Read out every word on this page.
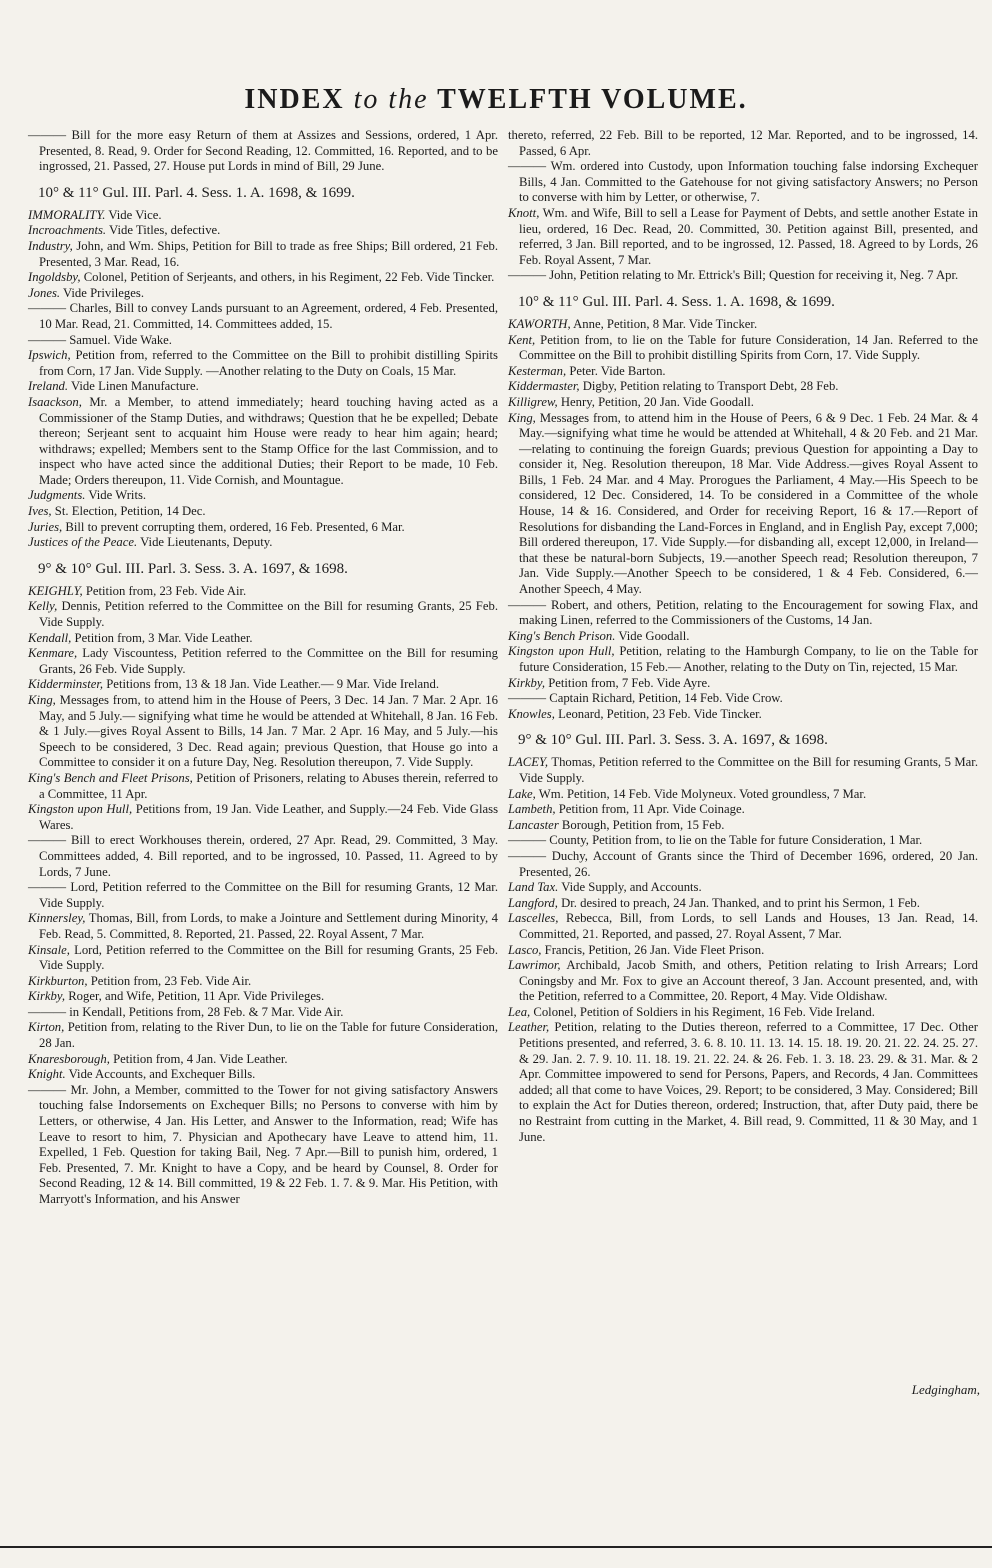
INDEX to the TWELFTH VOLUME.

——— Bill for the more easy Return of them at Assizes and Sessions, ordered, 1 Apr. Presented, 8. Read, 9. Order for Second Reading, 12. Committed, 16. Reported, and to be ingrossed, 21. Passed, 27. House put Lords in mind of Bill, 29 June.

10° & 11° Gul. III. Parl. 4. Sess. 1. A. 1698, & 1699.

IMMORALITY. Vide Vice.

Incroachments. Vide Titles, defective.

Industry, John, and Wm. Ships, Petition for Bill to trade as free Ships; Bill ordered, 21 Feb. Presented, 3 Mar. Read, 16.

Ingoldsby, Colonel, Petition of Serjeants, and others, in his Regiment, 22 Feb. Vide Tincker.

Jones. Vide Privileges.

——— Charles, Bill to convey Lands pursuant to an Agreement, ordered, 4 Feb. Presented, 10 Mar. Read, 21. Committed, 14. Committees added, 15.

——— Samuel. Vide Wake.

Ipswich, Petition from, referred to the Committee on the Bill to prohibit distilling Spirits from Corn, 17 Jan. Vide Supply. —Another relating to the Duty on Coals, 15 Mar.

Ireland. Vide Linen Manufacture.

Isaackson, Mr. a Member, to attend immediately; heard touching having acted as a Commissioner of the Stamp Duties, and withdraws; Question that he be expelled; Debate thereon; Serjeant sent to acquaint him House were ready to hear him again; heard; withdraws; expelled; Members sent to the Stamp Office for the last Commission, and to inspect who have acted since the additional Duties; their Report to be made, 10 Feb. Made; Orders thereupon, 11. Vide Cornish, and Mountague.

Judgments. Vide Writs.

Ives, St. Election, Petition, 14 Dec.

Juries, Bill to prevent corrupting them, ordered, 16 Feb. Presented, 6 Mar.

Justices of the Peace. Vide Lieutenants, Deputy.

9° & 10° Gul. III. Parl. 3. Sess. 3. A. 1697, & 1698.

KEIGHLY, Petition from, 23 Feb. Vide Air.

Kelly, Dennis, Petition referred to the Committee on the Bill for resuming Grants, 25 Feb. Vide Supply.

Kendall, Petition from, 3 Mar. Vide Leather.

Kenmare, Lady Viscountess, Petition referred to the Committee on the Bill for resuming Grants, 26 Feb. Vide Supply.

Kidderminster, Petitions from, 13 & 18 Jan. Vide Leather.— 9 Mar. Vide Ireland.

King, Messages from, to attend him in the House of Peers, 3 Dec. 14 Jan. 7 Mar. 2 Apr. 16 May, and 5 July.— signifying what time he would be attended at Whitehall, 8 Jan. 16 Feb. & 1 July.—gives Royal Assent to Bills, 14 Jan. 7 Mar. 2 Apr. 16 May, and 5 July.—his Speech to be considered, 3 Dec. Read again; previous Question, that House go into a Committee to consider it on a future Day, Neg. Resolution thereupon, 7. Vide Supply.

King's Bench and Fleet Prisons, Petition of Prisoners, relating to Abuses therein, referred to a Committee, 11 Apr.

Kingston upon Hull, Petitions from, 19 Jan. Vide Leather, and Supply.—24 Feb. Vide Glass Wares.

——— Bill to erect Workhouses therein, ordered, 27 Apr. Read, 29. Committed, 3 May. Committees added, 4. Bill reported, and to be ingrossed, 10. Passed, 11. Agreed to by Lords, 7 June.

——— Lord, Petition referred to the Committee on the Bill for resuming Grants, 12 Mar. Vide Supply.

Kinnersley, Thomas, Bill, from Lords, to make a Jointure and Settlement during Minority, 4 Feb. Read, 5. Committed, 8. Reported, 21. Passed, 22. Royal Assent, 7 Mar.

Kinsale, Lord, Petition referred to the Committee on the Bill for resuming Grants, 25 Feb. Vide Supply.

Kirkburton, Petition from, 23 Feb. Vide Air.

Kirkby, Roger, and Wife, Petition, 11 Apr. Vide Privileges.

——— in Kendall, Petitions from, 28 Feb. & 7 Mar. Vide Air.

Kirton, Petition from, relating to the River Dun, to lie on the Table for future Consideration, 28 Jan.

Knaresborough, Petition from, 4 Jan. Vide Leather.

Knight. Vide Accounts, and Exchequer Bills.

——— Mr. John, a Member, committed to the Tower for not giving satisfactory Answers touching false Indorsements on Exchequer Bills; no Persons to converse with him by Letters, or otherwise, 4 Jan. His Letter, and Answer to the Information, read; Wife has Leave to resort to him, 7. Physician and Apothecary have Leave to attend him, 11. Expelled, 1 Feb. Question for taking Bail, Neg. 7 Apr.—Bill to punish him, ordered, 1 Feb. Presented, 7. Mr. Knight to have a Copy, and be heard by Counsel, 8. Order for Second Reading, 12 & 14. Bill committed, 19 & 22 Feb. 1. 7. & 9. Mar. His Petition, with Marryott's Information, and his Answer

thereto, referred, 22 Feb. Bill to be reported, 12 Mar. Reported, and to be ingrossed, 14. Passed, 6 Apr.

——— Wm. ordered into Custody, upon Information touching false indorsing Exchequer Bills, 4 Jan. Committed to the Gatehouse for not giving satisfactory Answers; no Person to converse with him by Letter, or otherwise, 7.

Knott, Wm. and Wife, Bill to sell a Lease for Payment of Debts, and settle another Estate in lieu, ordered, 16 Dec. Read, 20. Committed, 30. Petition against Bill, presented, and referred, 3 Jan. Bill reported, and to be ingrossed, 12. Passed, 18. Agreed to by Lords, 26 Feb. Royal Assent, 7 Mar.

——— John, Petition relating to Mr. Ettrick's Bill; Question for receiving it, Neg. 7 Apr.

10° & 11° Gul. III. Parl. 4. Sess. 1. A. 1698, & 1699.

KAWORTH, Anne, Petition, 8 Mar. Vide Tincker.

Kent, Petition from, to lie on the Table for future Consideration, 14 Jan. Referred to the Committee on the Bill to prohibit distilling Spirits from Corn, 17. Vide Supply.

Kesterman, Peter. Vide Barton.

Kiddermaster, Digby, Petition relating to Transport Debt, 28 Feb.

Killigrew, Henry, Petition, 20 Jan. Vide Goodall.

King, Messages from, to attend him in the House of Peers, 6 & 9 Dec. 1 Feb. 24 Mar. & 4 May.—signifying what time he would be attended at Whitehall, 4 & 20 Feb. and 21 Mar. —relating to continuing the foreign Guards; previous Question for appointing a Day to consider it, Neg. Resolution thereupon, 18 Mar. Vide Address.—gives Royal Assent to Bills, 1 Feb. 24 Mar. and 4 May. Prorogues the Parliament, 4 May.—His Speech to be considered, 12 Dec. Considered, 14. To be considered in a Committee of the whole House, 14 & 16. Considered, and Order for receiving Report, 16 & 17.—Report of Resolutions for disbanding the Land-Forces in England, and in English Pay, except 7,000; Bill ordered thereupon, 17. Vide Supply.—for disbanding all, except 12,000, in Ireland—that these be natural-born Subjects, 19.—another Speech read; Resolution thereupon, 7 Jan. Vide Supply.—Another Speech to be considered, 1 & 4 Feb. Considered, 6.—Another Speech, 4 May.

——— Robert, and others, Petition, relating to the Encouragement for sowing Flax, and making Linen, referred to the Commissioners of the Customs, 14 Jan.

King's Bench Prison. Vide Goodall.

Kingston upon Hull, Petition, relating to the Hamburgh Company, to lie on the Table for future Consideration, 15 Feb.— Another, relating to the Duty on Tin, rejected, 15 Mar.

Kirkby, Petition from, 7 Feb. Vide Ayre.

——— Captain Richard, Petition, 14 Feb. Vide Crow.

Knowles, Leonard, Petition, 23 Feb. Vide Tincker.

9° & 10° Gul. III. Parl. 3. Sess. 3. A. 1697, & 1698.

LACEY, Thomas, Petition referred to the Committee on the Bill for resuming Grants, 5 Mar. Vide Supply.

Lake, Wm. Petition, 14 Feb. Vide Molyneux. Voted groundless, 7 Mar.

Lambeth, Petition from, 11 Apr. Vide Coinage.

Lancaster Borough, Petition from, 15 Feb.

——— County, Petition from, to lie on the Table for future Consideration, 1 Mar.

——— Duchy, Account of Grants since the Third of December 1696, ordered, 20 Jan. Presented, 26.

Land Tax. Vide Supply, and Accounts.

Langford, Dr. desired to preach, 24 Jan. Thanked, and to print his Sermon, 1 Feb.

Lascelles, Rebecca, Bill, from Lords, to sell Lands and Houses, 13 Jan. Read, 14. Committed, 21. Reported, and passed, 27. Royal Assent, 7 Mar.

Lasco, Francis, Petition, 26 Jan. Vide Fleet Prison.

Lawrimor, Archibald, Jacob Smith, and others, Petition relating to Irish Arrears; Lord Coningsby and Mr. Fox to give an Account thereof, 3 Jan. Account presented, and, with the Petition, referred to a Committee, 20. Report, 4 May. Vide Oldishaw.

Lea, Colonel, Petition of Soldiers in his Regiment, 16 Feb. Vide Ireland.

Leather, Petition, relating to the Duties thereon, referred to a Committee, 17 Dec. Other Petitions presented, and referred, 3. 6. 8. 10. 11. 13. 14. 15. 18. 19. 20. 21. 22. 24. 25. 27. & 29. Jan. 2. 7. 9. 10. 11. 18. 19. 21. 22. 24. & 26. Feb. 1. 3. 18. 23. 29. & 31. Mar. & 2 Apr. Committee impowered to send for Persons, Papers, and Records, 4 Jan. Committees added; all that come to have Voices, 29. Report; to be considered, 3 May. Considered; Bill to explain the Act for Duties thereon, ordered; Instruction, that, after Duty paid, there be no Restraint from cutting in the Market, 4. Bill read, 9. Committed, 11 & 30 May, and 1 June.

Ledgingham,
